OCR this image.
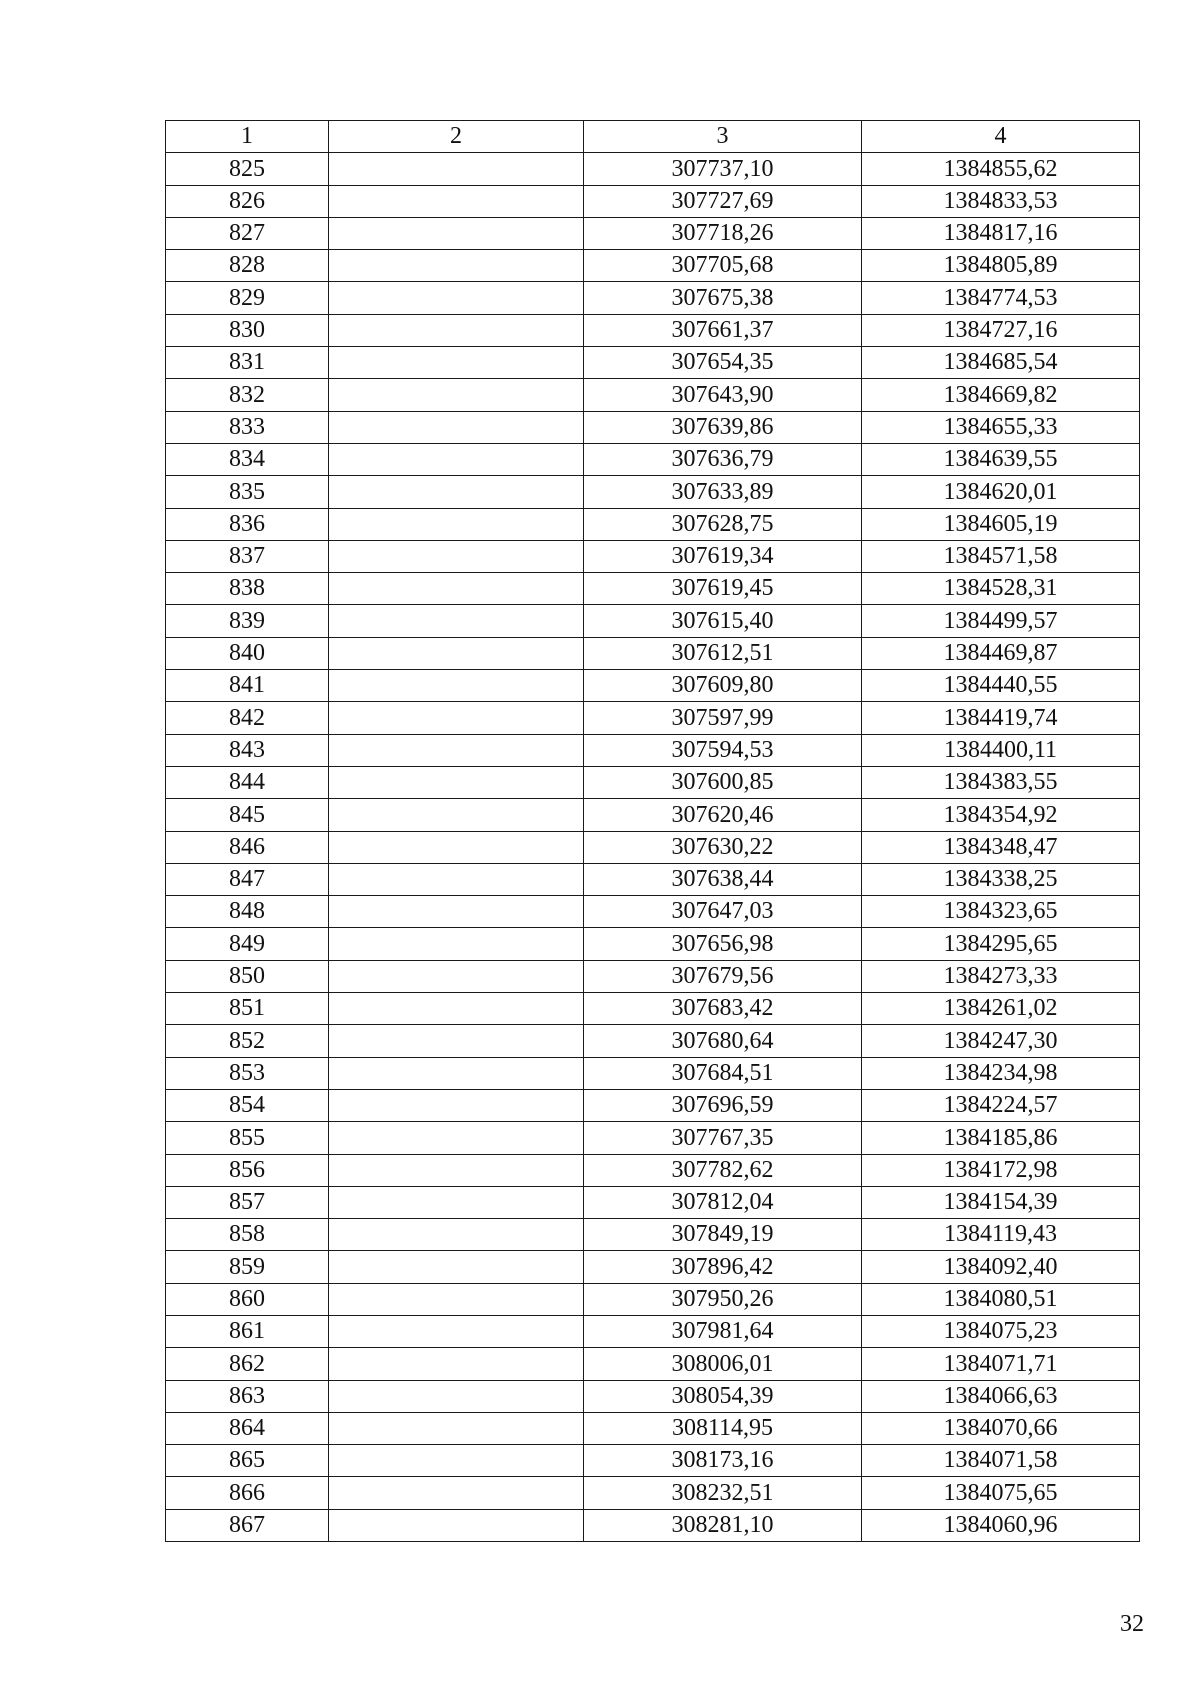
1	2	3	4
825		307737,10	1384855,62
826		307727,69	1384833,53
827		307718,26	1384817,16
828		307705,68	1384805,89
829		307675,38	1384774,53
830		307661,37	1384727,16
831		307654,35	1384685,54
832		307643,90	1384669,82
833		307639,86	1384655,33
834		307636,79	1384639,55
835		307633,89	1384620,01
836		307628,75	1384605,19
837		307619,34	1384571,58
838		307619,45	1384528,31
839		307615,40	1384499,57
840		307612,51	1384469,87
841		307609,80	1384440,55
842		307597,99	1384419,74
843		307594,53	1384400,11
844		307600,85	1384383,55
845		307620,46	1384354,92
846		307630,22	1384348,47
847		307638,44	1384338,25
848		307647,03	1384323,65
849		307656,98	1384295,65
850		307679,56	1384273,33
851		307683,42	1384261,02
852		307680,64	1384247,30
853		307684,51	1384234,98
854		307696,59	1384224,57
855		307767,35	1384185,86
856		307782,62	1384172,98
857		307812,04	1384154,39
858		307849,19	1384119,43
859		307896,42	1384092,40
860		307950,26	1384080,51
861		307981,64	1384075,23
862		308006,01	1384071,71
863		308054,39	1384066,63
864		308114,95	1384070,66
865		308173,16	1384071,58
866		308232,51	1384075,65
867		308281,10	1384060,96
32
